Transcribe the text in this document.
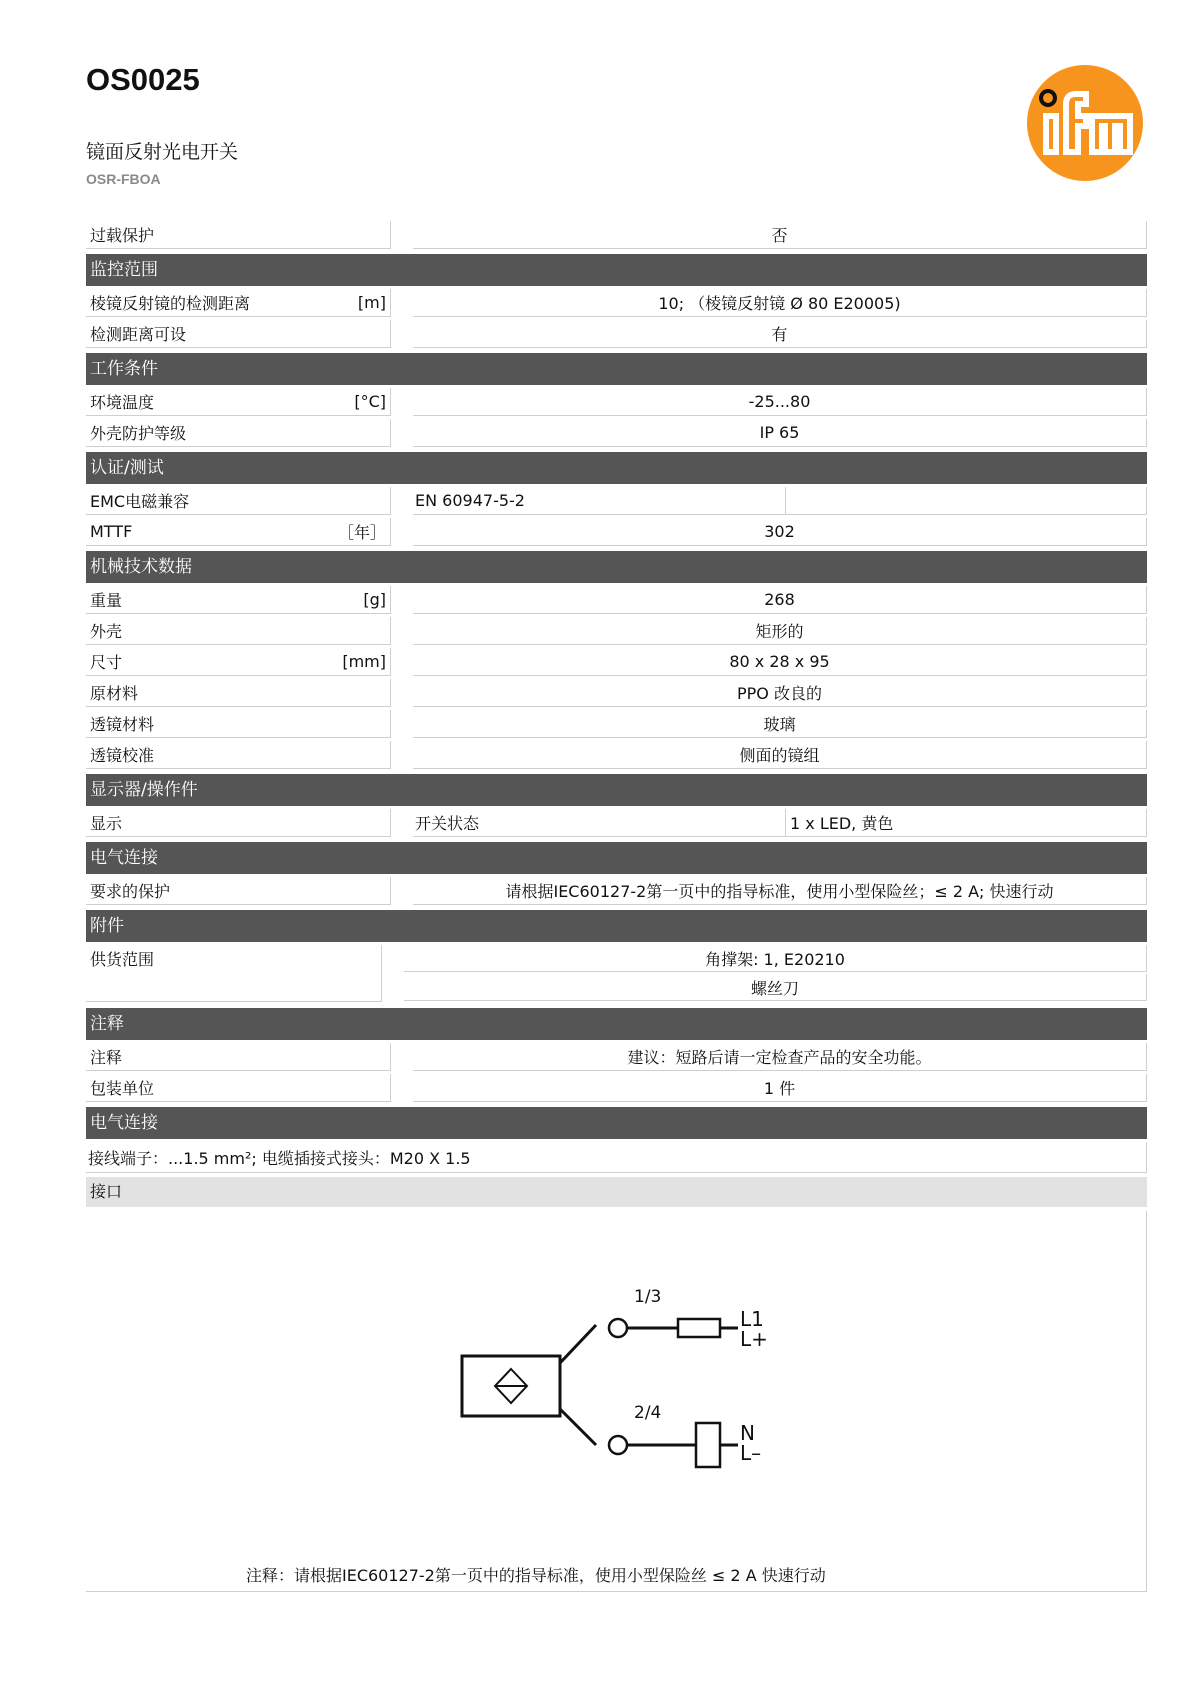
OS0025
镜面反射光电开关
OSR-FBOA
过载保护	否
监控范围
棱镜反射镜的检测距离	[m]	10; （棱镜反射镜 Ø 80 E20005)
检测距离可设	有
工作条件
环境温度	[°C]	-25...80
外壳防护等级	IP 65
认证/测试
EMC电磁兼容	EN 60947-5-2
MTTF	［年］	302
机械技术数据
重量	[g]	268
外壳	矩形的
尺寸	[mm]	80 x 28 x 95
原材料	PPO 改良的
透镜材料	玻璃
透镜校准	侧面的镜组
显示器/操作件
显示	开关状态	1 x LED, 黄色
电气连接
要求的保护	请根据IEC60127-2第一页中的指导标准，使用小型保险丝；≤ 2 A; 快速行动
附件
供货范围	角撑架: 1, E20210
螺丝刀
注释
注释	建议：短路后请一定检查产品的安全功能。
包装单位	1 件
电气连接
接线端子：...1.5 mm²; 电缆插接式接头：M20 X 1.5
接口
1/3
2/4
L1
L+
N
L–
注释：请根据IEC60127-2第一页中的指导标准，使用小型保险丝 ≤ 2 A 快速行动
